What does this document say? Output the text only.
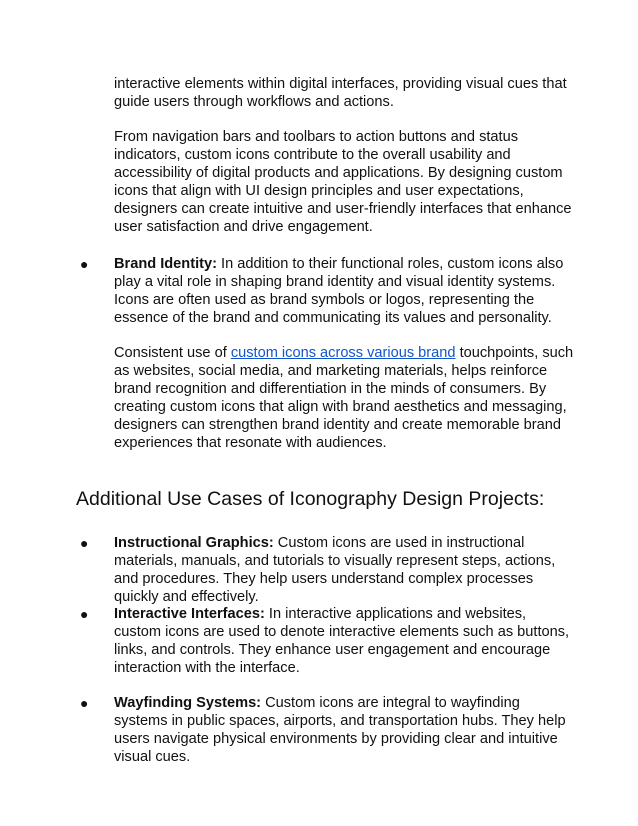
interactive elements within digital interfaces, providing visual cues that guide users through workflows and actions.

From navigation bars and toolbars to action buttons and status indicators, custom icons contribute to the overall usability and accessibility of digital products and applications. By designing custom icons that align with UI design principles and user expectations, designers can create intuitive and user-friendly interfaces that enhance user satisfaction and drive engagement.

● Brand Identity: In addition to their functional roles, custom icons also play a vital role in shaping brand identity and visual identity systems. Icons are often used as brand symbols or logos, representing the essence of the brand and communicating its values and personality.

Consistent use of custom icons across various brand touchpoints, such as websites, social media, and marketing materials, helps reinforce brand recognition and differentiation in the minds of consumers. By creating custom icons that align with brand aesthetics and messaging, designers can strengthen brand identity and create memorable brand experiences that resonate with audiences.

Additional Use Cases of Iconography Design Projects:
● Instructional Graphics: Custom icons are used in instructional materials, manuals, and tutorials to visually represent steps, actions, and procedures. They help users understand complex processes quickly and effectively.

● Interactive Interfaces: In interactive applications and websites, custom icons are used to denote interactive elements such as buttons, links, and controls. They enhance user engagement and encourage interaction with the interface.

● Wayfinding Systems: Custom icons are integral to wayfinding systems in public spaces, airports, and transportation hubs. They help users navigate physical environments by providing clear and intuitive visual cues.
